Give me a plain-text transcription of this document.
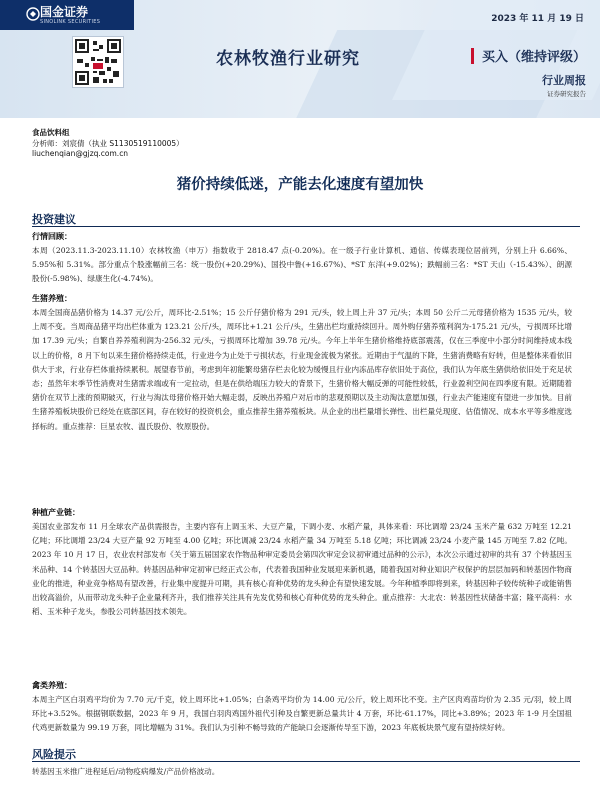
国金证券
SINOLINK SECURITIES
	2023 年 11 月 19 日
农林牧渔行业研究	买入（维持评级）
行业周报
证券研究报告
食品饮料组
分析师：刘宸倩（执业 S1130519110005）
liuchenqian@gjzq.com.cn
猪价持续低迷，产能去化速度有望加快
投资建议
行情回顾：
本周（2023.11.3-2023.11.10）农林牧渔（申万）指数收于 2818.47 点(-0.20%)。在一级子行业计算机、通信、传媒表现位居前列，分别上升 6.66%、5.95%和 5.31%。部分重点个股涨幅前三名：统一股份(+20.29%)、国投中鲁(+16.67%)、*ST 东洋(+9.02%)；跌幅前三名：*ST 天山（-15.43%）、朗源股份(-5.98%)、绿康生化(-4.74%)。
生猪养殖：
本周全国商品猪价格为 14.37 元/公斤，周环比-2.51%；15 公斤仔猪价格为 291 元/头，较上周上升 37 元/头；本周 50 公斤二元母猪价格为 1535 元/头，较上周不变。当周商品猪平均出栏体重为 123.21 公斤/头，周环比+1.21 公斤/头，生猪出栏均重持续回升。周外购仔猪养殖利润为-175.21 元/头，亏损周环比增加 17.39 元/头；自繁自养养殖利润为-256.32 元/头，亏损周环比增加 39.78 元/头。今年上半年生猪价格维持底部震荡，仅在三季度中小部分时间维持成本线以上的价格，8 月下旬以来生猪价格持续走低，行业进今为止处于亏损状态，行业现金流极为紧张。近期由于气温的下降，生猪消费略有好转，但是整体来看依旧供大于求，行业存栏体重持续累积。展望春节前，考虑到年初能繁母猪存栏去化较为缓慢且行业内冻品库存依旧处于高位，我们认为年底生猪供给依旧处于充足状态；虽然年末季节性消费对生猪需求端或有一定拉动，但是在供给端压力较大的背景下，生猪价格大幅反弹的可能性较低，行业盈利空间在四季度有限。近期随着猪价在双节上涨的预期破灭，行业与淘汰母猪价格开始大幅走弱，反映出养殖户对后市的悲观预期以及主动淘汰意愿加强，行业去产能速度有望进一步加快。目前生猪养殖板块股价已经处在底部区间，存在较好的投资机会，重点推荐生猪养殖板块。从企业的出栏量增长弹性、出栏量兑现度、估值情况、成本水平等多维度选择标的。重点推荐：巨星农牧、温氏股份、牧原股份。
种植产业链：
美国农业部发布 11 月全球农产品供需报告，主要内容有上调玉米、大豆产量，下调小麦、水稻产量，具体来看：环比调增 23/24 玉米产量 632 万吨至 12.21 亿吨；环比调增 23/24 大豆产量 92 万吨至 4.00 亿吨；环比调减 23/24 水稻产量 34 万吨至 5.18 亿吨；环比调减 23/24 小麦产量 145 万吨至 7.82 亿吨。2023 年 10 月 17 日，农业农村部发布《关于第五届国家农作物品种审定委员会第四次审定会议初审通过品种的公示》，本次公示通过初审的共有 37 个转基因玉米品种、14 个转基因大豆品种。转基因品种审定初审已经正式公布，代表着我国种业发展迎来新机遇，随着我国对种业知识产权保护的层层加码和转基因作物商业化的推进，种业竞争格局有望改善，行业集中度提升可期，具有核心育种优势的龙头种企有望快速发展。今年种植季即将到来，转基因种子较传统种子或能销售出较高溢价，从而带动龙头种子企业量利齐升，我们推荐关注具有先发优势和核心育种优势的龙头种企。重点推荐：大北农：转基因性状储备丰富；隆平高科：水稻、玉米种子龙头，参股公司转基因技术领先。
禽类养殖：
本周主产区白羽鸡平均价为 7.70 元/千克，较上周环比+1.05%；白条鸡平均价为 14.00 元/公斤，较上周环比不变。主产区肉鸡苗均价为 2.35 元/羽，较上周环比+3.52%。根据钢联数据，2023 年 9 月，我国白羽肉鸡国外祖代引种及自繁更新总量共计 4 万套，环比-61.17%，同比+3.89%；2023 年 1-9 月全国祖代鸡更新数量为 99.19 万套，同比增幅为 31%。我们认为引种不畅导致的产能缺口会逐渐传导至下游，2023 年底板块景气度有望持续好转。
风险提示
转基因玉米推广进程延后/动物疫病爆发/产品价格波动。
